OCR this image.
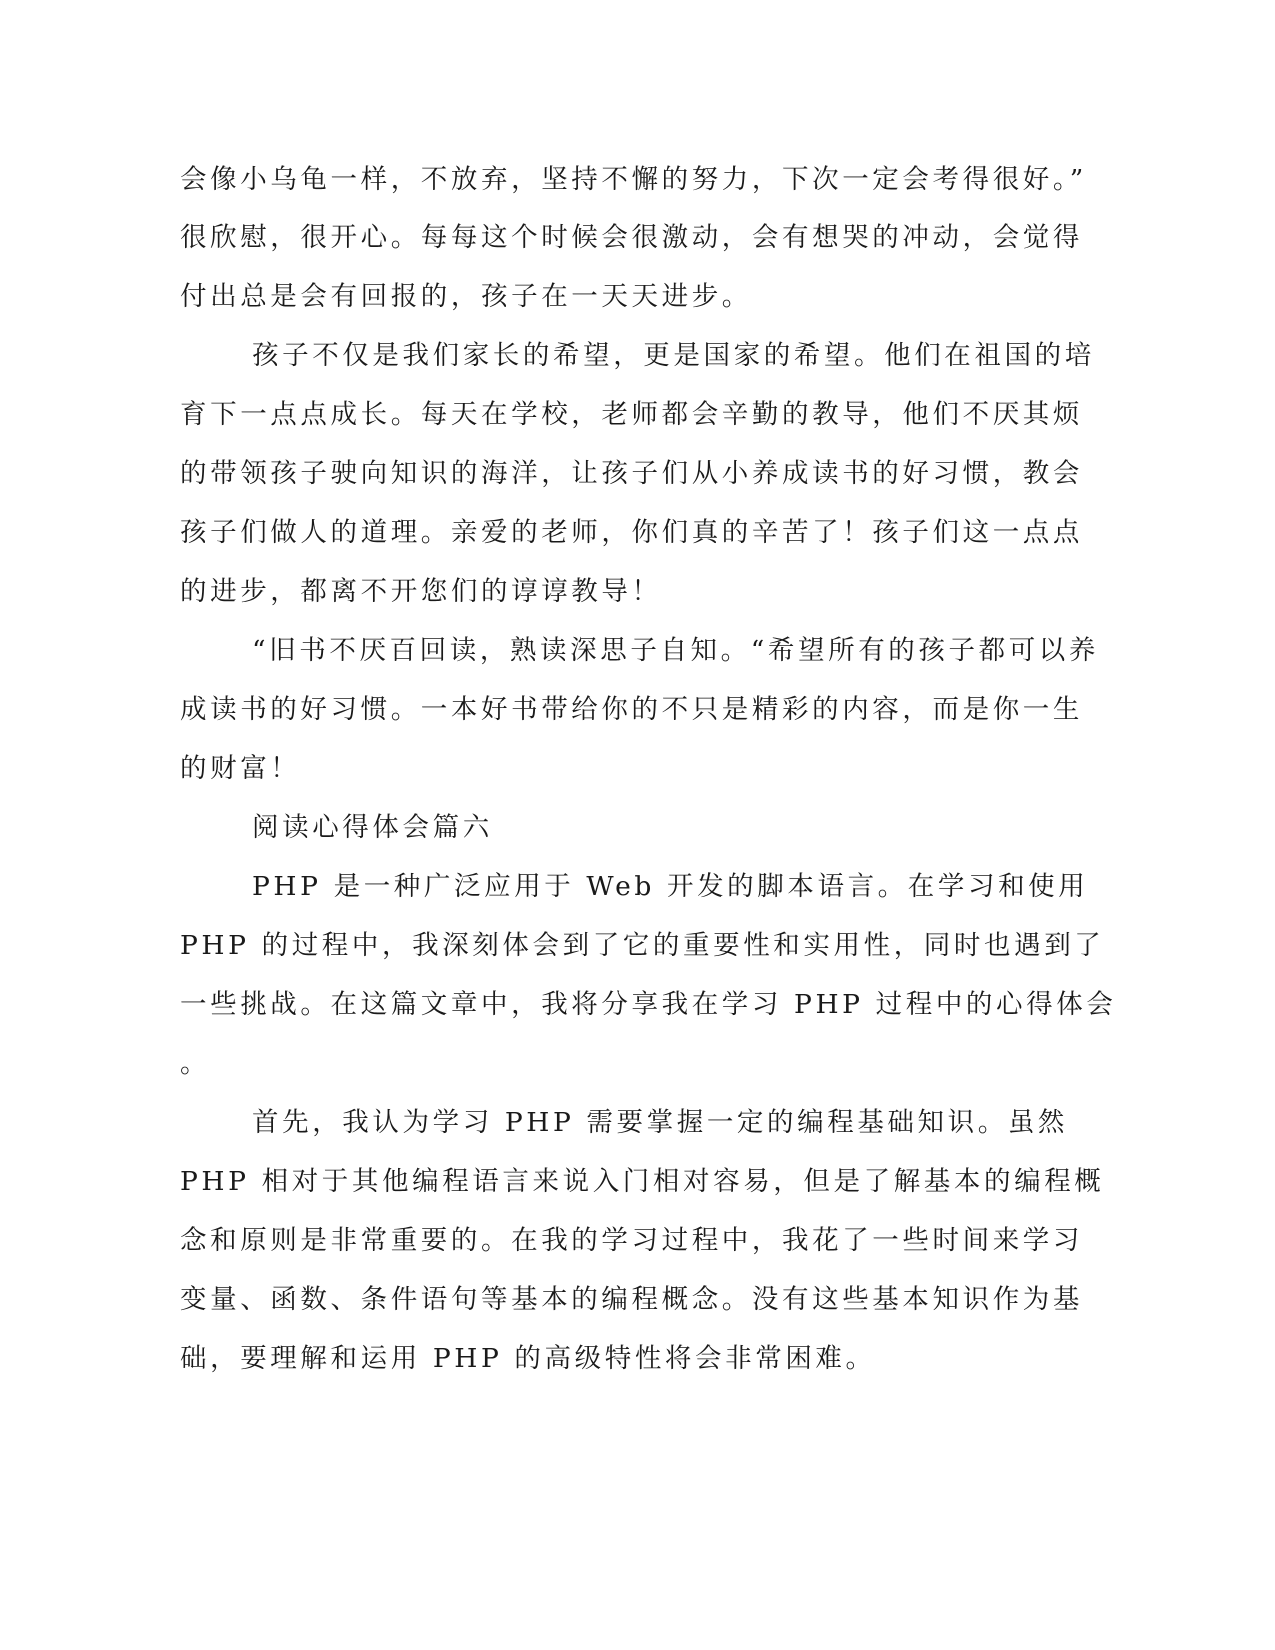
会像小乌龟一样，不放弃，坚持不懈的努力，下次一定会考得很好。”
很欣慰，很开心。每每这个时候会很激动，会有想哭的冲动，会觉得
付出总是会有回报的，孩子在一天天进步。
孩子不仅是我们家长的希望，更是国家的希望。他们在祖国的培
育下一点点成长。每天在学校，老师都会辛勤的教导，他们不厌其烦
的带领孩子驶向知识的海洋，让孩子们从小养成读书的好习惯，教会
孩子们做人的道理。亲爱的老师，你们真的辛苦了！孩子们这一点点
的进步，都离不开您们的谆谆教导！
“旧书不厌百回读，熟读深思子自知。“希望所有的孩子都可以养
成读书的好习惯。一本好书带给你的不只是精彩的内容，而是你一生
的财富！
阅读心得体会篇六
PHP 是一种广泛应用于 Web 开发的脚本语言。在学习和使用
PHP 的过程中，我深刻体会到了它的重要性和实用性，同时也遇到了
一些挑战。在这篇文章中，我将分享我在学习 PHP 过程中的心得体会
。
首先，我认为学习 PHP 需要掌握一定的编程基础知识。虽然
PHP 相对于其他编程语言来说入门相对容易，但是了解基本的编程概
念和原则是非常重要的。在我的学习过程中，我花了一些时间来学习
变量、函数、条件语句等基本的编程概念。没有这些基本知识作为基
础，要理解和运用 PHP 的高级特性将会非常困难。
